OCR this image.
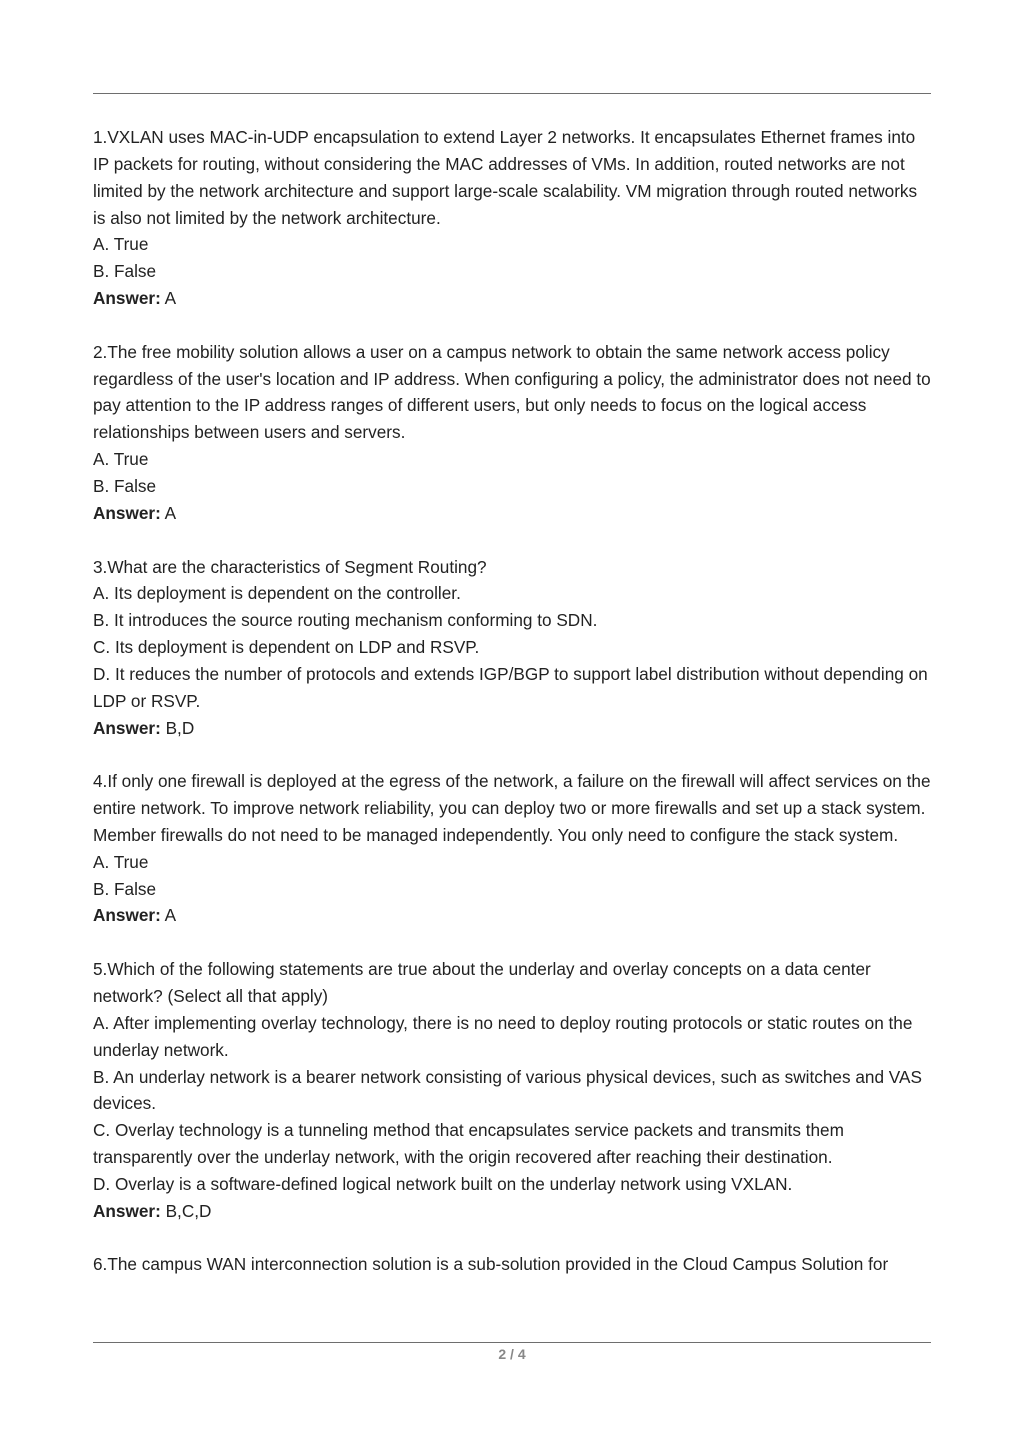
1.VXLAN uses MAC-in-UDP encapsulation to extend Layer 2 networks. It encapsulates Ethernet frames into IP packets for routing, without considering the MAC addresses of VMs. In addition, routed networks are not limited by the network architecture and support large-scale scalability. VM migration through routed networks is also not limited by the network architecture.

A. True

B. False

Answer: A

2.The free mobility solution allows a user on a campus network to obtain the same network access policy regardless of the user's location and IP address. When configuring a policy, the administrator does not need to pay attention to the IP address ranges of different users, but only needs to focus on the logical access relationships between users and servers.

A. True

B. False

Answer: A

3.What are the characteristics of Segment Routing?

A. Its deployment is dependent on the controller.

B. It introduces the source routing mechanism conforming to SDN.

C. Its deployment is dependent on LDP and RSVP.

D. It reduces the number of protocols and extends IGP/BGP to support label distribution without depending on LDP or RSVP.

Answer: B,D

4.If only one firewall is deployed at the egress of the network, a failure on the firewall will affect services on the entire network. To improve network reliability, you can deploy two or more firewalls and set up a stack system. Member firewalls do not need to be managed independently. You only need to configure the stack system.

A. True

B. False

Answer: A

5.Which of the following statements are true about the underlay and overlay concepts on a data center network? (Select all that apply)

A. After implementing overlay technology, there is no need to deploy routing protocols or static routes on the underlay network.

B. An underlay network is a bearer network consisting of various physical devices, such as switches and VAS devices.

C. Overlay technology is a tunneling method that encapsulates service packets and transmits them transparently over the underlay network, with the origin recovered after reaching their destination.

D. Overlay is a software-defined logical network built on the underlay network using VXLAN.

Answer: B,C,D

6.The campus WAN interconnection solution is a sub-solution provided in the Cloud Campus Solution for

2 / 4
